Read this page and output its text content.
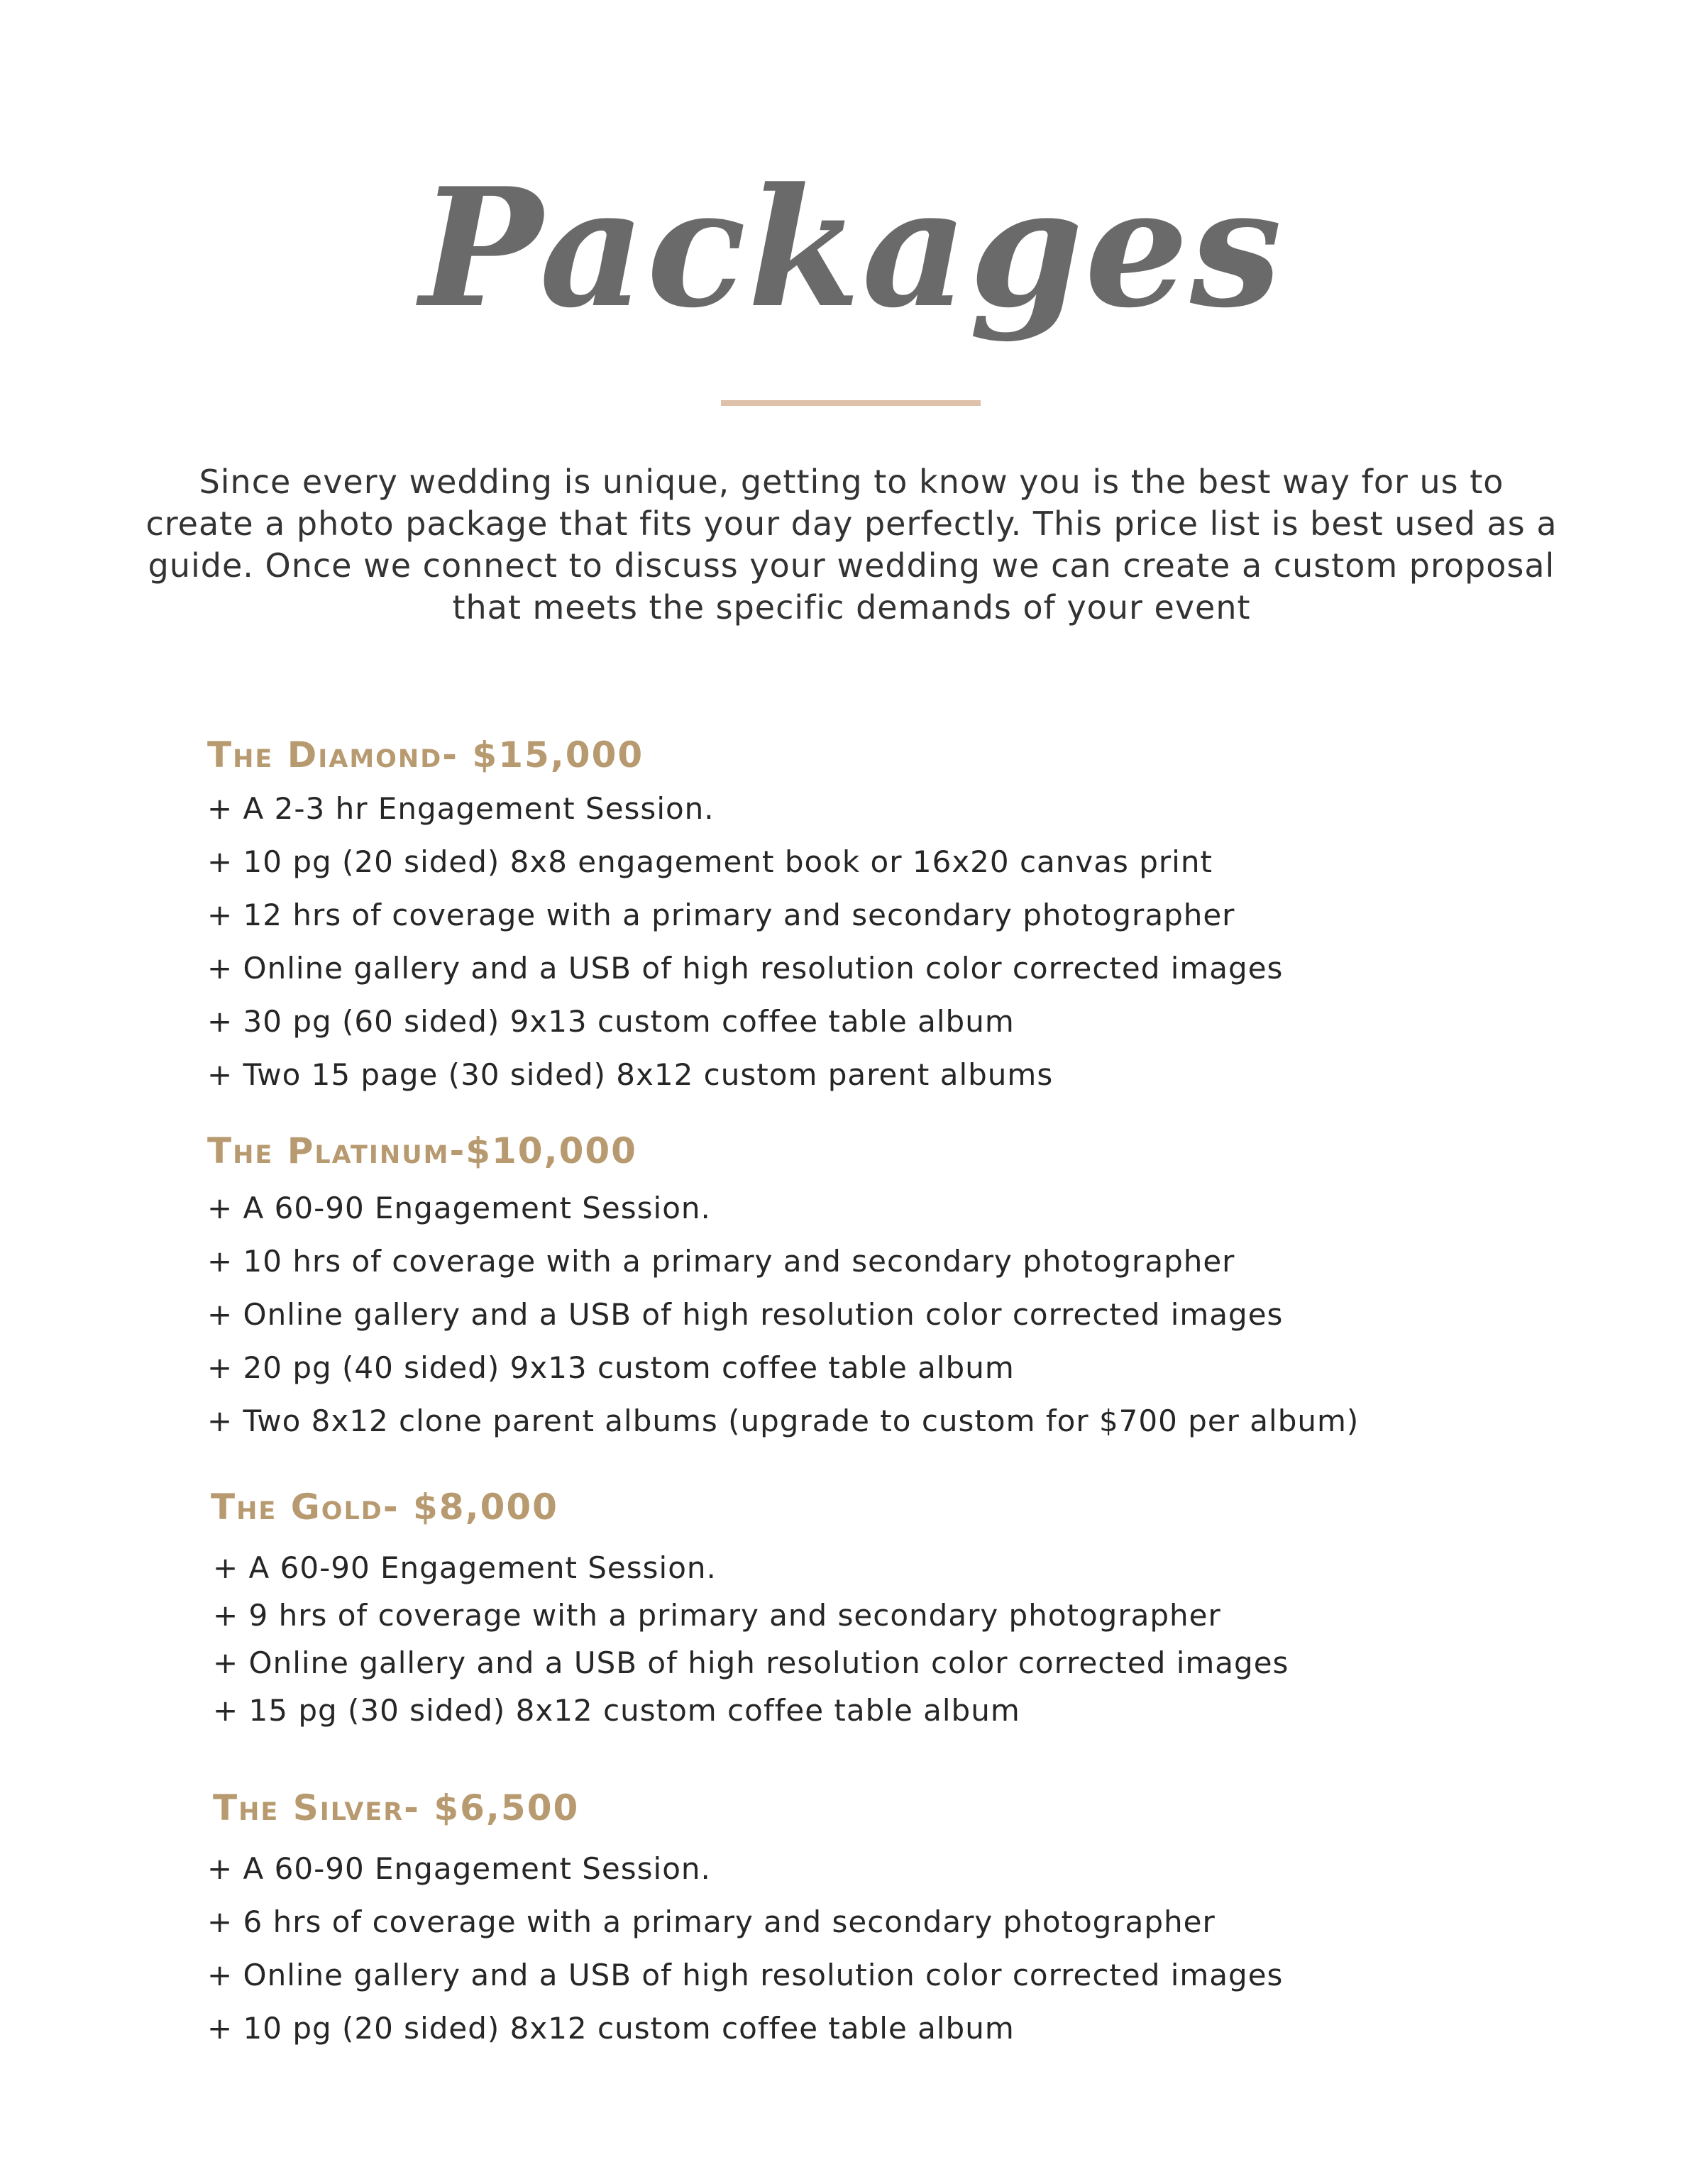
Packages

Since every wedding is unique, getting to know you is the best way for us to create a photo package that fits your day perfectly. This price list is best used as a guide. Once we connect to discuss your wedding we can create a custom proposal that meets the specific demands of your event

The Diamond- $15,000
+ A 2-3 hr Engagement Session.
+ 10 pg (20 sided) 8x8 engagement book or 16x20 canvas print
+ 12 hrs of coverage with a primary and secondary photographer
+ Online gallery and a USB of high resolution color corrected images
+ 30 pg (60 sided) 9x13 custom coffee table album
+ Two 15 page (30 sided) 8x12 custom parent albums
The Platinum-$10,000
+ A 60-90 Engagement Session.
+ 10 hrs of coverage with a primary and secondary photographer
+ Online gallery and a USB of high resolution color corrected images
+ 20 pg (40 sided) 9x13 custom coffee table album
+ Two 8x12 clone parent albums (upgrade to custom for $700 per album)
The Gold- $8,000
+ A 60-90 Engagement Session.
+ 9 hrs of coverage with a primary and secondary photographer
+ Online gallery and a USB of high resolution color corrected images
+ 15 pg (30 sided) 8x12 custom coffee table album
The Silver- $6,500
+ A 60-90 Engagement Session.
+ 6 hrs of coverage with a primary and secondary photographer
+ Online gallery and a USB of high resolution color corrected images
+ 10 pg (20 sided) 8x12 custom coffee table album
